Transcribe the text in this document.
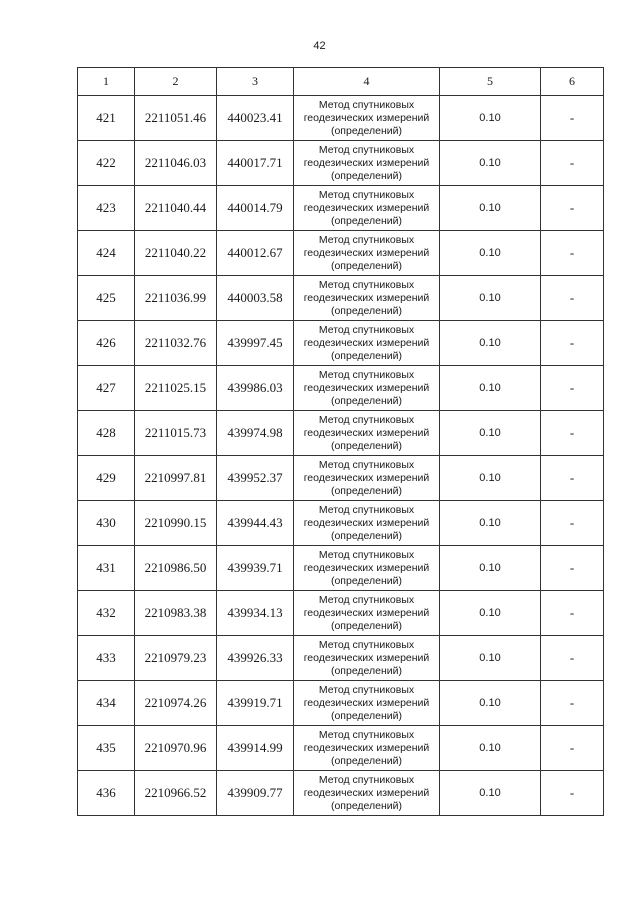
42
1	2	3	4	5	6
421	2211051.46	440023.41	Метод спутниковых геодезических измерений (определений)	0.10	-
422	2211046.03	440017.71	Метод спутниковых геодезических измерений (определений)	0.10	-
423	2211040.44	440014.79	Метод спутниковых геодезических измерений (определений)	0.10	-
424	2211040.22	440012.67	Метод спутниковых геодезических измерений (определений)	0.10	-
425	2211036.99	440003.58	Метод спутниковых геодезических измерений (определений)	0.10	-
426	2211032.76	439997.45	Метод спутниковых геодезических измерений (определений)	0.10	-
427	2211025.15	439986.03	Метод спутниковых геодезических измерений (определений)	0.10	-
428	2211015.73	439974.98	Метод спутниковых геодезических измерений (определений)	0.10	-
429	2210997.81	439952.37	Метод спутниковых геодезических измерений (определений)	0.10	-
430	2210990.15	439944.43	Метод спутниковых геодезических измерений (определений)	0.10	-
431	2210986.50	439939.71	Метод спутниковых геодезических измерений (определений)	0.10	-
432	2210983.38	439934.13	Метод спутниковых геодезических измерений (определений)	0.10	-
433	2210979.23	439926.33	Метод спутниковых геодезических измерений (определений)	0.10	-
434	2210974.26	439919.71	Метод спутниковых геодезических измерений (определений)	0.10	-
435	2210970.96	439914.99	Метод спутниковых геодезических измерений (определений)	0.10	-
436	2210966.52	439909.77	Метод спутниковых геодезических измерений (определений)	0.10	-
